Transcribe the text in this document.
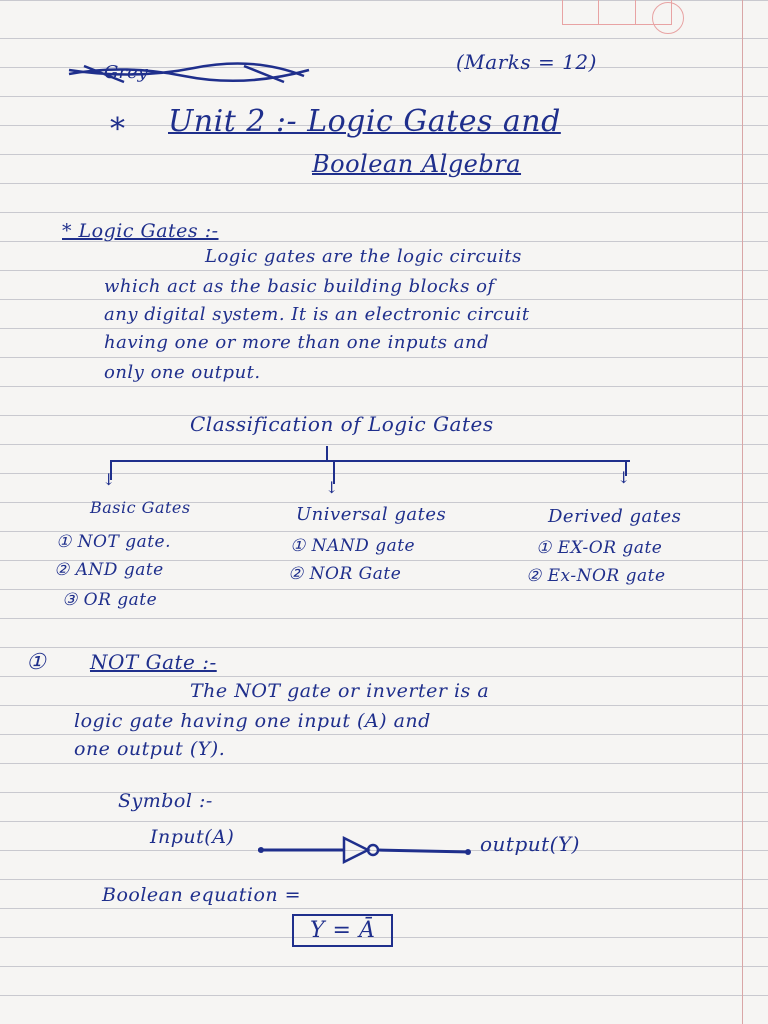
Grey	(Marks = 12)
* Unit 2 :- Logic Gates and
Boolean Algebra
* Logic Gates :-
Logic gates are the logic circuits
which act as the basic building blocks of
any digital system. It is an electronic circuit
having one or more than one inputs and
only one output.
Classification of Logic Gates
↓	↓
↓
Basic Gates	Universal gates	Derived gates
① NOT gate.
② AND gate
③ OR gate
① NAND gate
② NOR Gate
① EX-OR gate
② Ex-NOR gate
① NOT Gate :-
The NOT gate or inverter is a
logic gate having one input (A) and
one output (Y).
Symbol :-
Input(A)	output(Y)
Boolean equation =
Y = Ā
